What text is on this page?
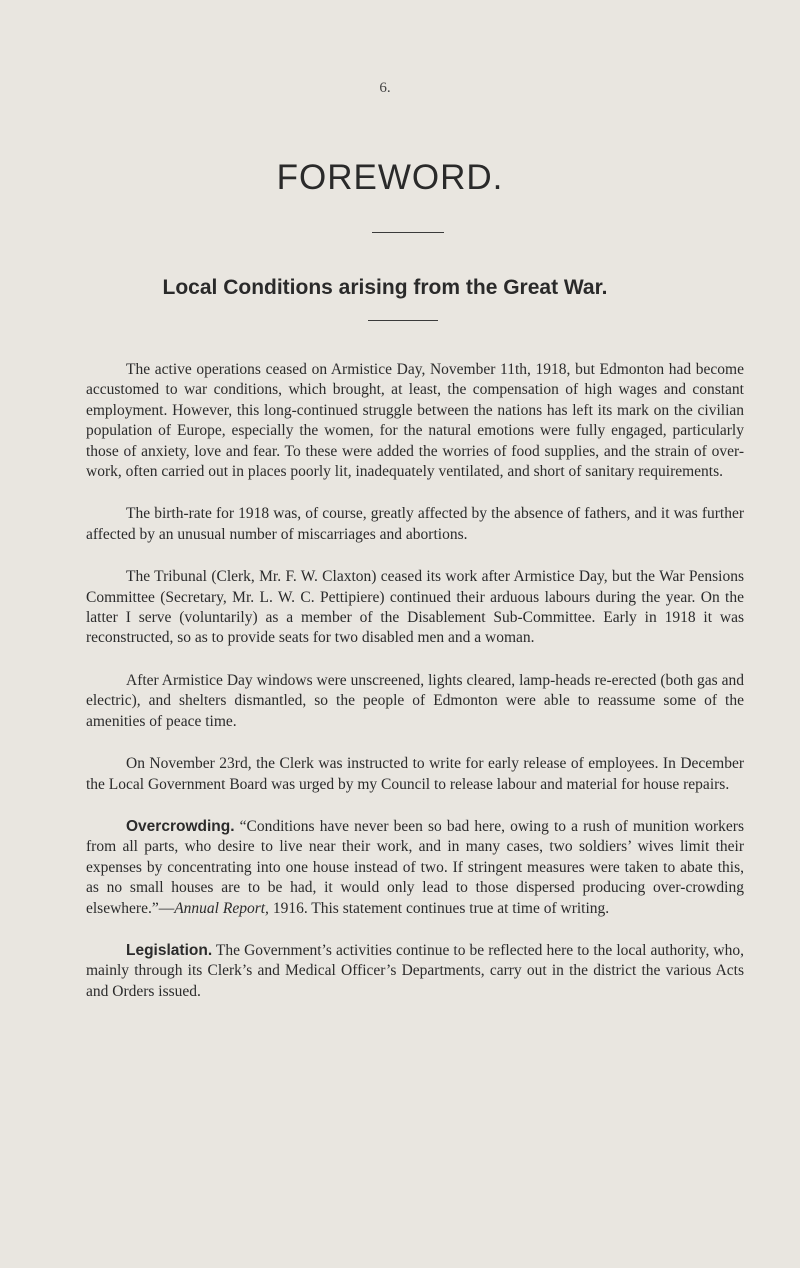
6.
FOREWORD.
Local Conditions arising from the Great War.

The active operations ceased on Armistice Day, November 11th, 1918, but Edmonton had become accustomed to war conditions, which brought, at least, the compensation of high wages and constant employment. However, this long-continued struggle between the nations has left its mark on the civilian population of Europe, especially the women, for the natural emotions were fully engaged, particularly those of anxiety, love and fear. To these were added the worries of food supplies, and the strain of over-work, often carried out in places poorly lit, inadequately ventilated, and short of sanitary requirements.

The birth-rate for 1918 was, of course, greatly affected by the absence of fathers, and it was further affected by an unusual number of miscarriages and abortions.

The Tribunal (Clerk, Mr. F. W. Claxton) ceased its work after Armistice Day, but the War Pensions Committee (Secretary, Mr. L. W. C. Pettipiere) continued their arduous labours during the year. On the latter I serve (voluntarily) as a member of the Disablement Sub-Committee. Early in 1918 it was reconstructed, so as to provide seats for two disabled men and a woman.

After Armistice Day windows were unscreened, lights cleared, lamp-heads re-erected (both gas and electric), and shelters dismantled, so the people of Edmonton were able to reassume some of the amenities of peace time.

On November 23rd, the Clerk was instructed to write for early release of employees. In December the Local Government Board was urged by my Council to release labour and material for house repairs.

Overcrowding. “Conditions have never been so bad here, owing to a rush of munition workers from all parts, who desire to live near their work, and in many cases, two soldiers’ wives limit their expenses by concentrating into one house instead of two. If stringent measures were taken to abate this, as no small houses are to be had, it would only lead to those dispersed producing over-crowding elsewhere.”—Annual Report, 1916. This statement continues true at time of writing.

Legislation. The Government’s activities continue to be reflected here to the local authority, who, mainly through its Clerk’s and Medical Officer’s Departments, carry out in the district the various Acts and Orders issued.
